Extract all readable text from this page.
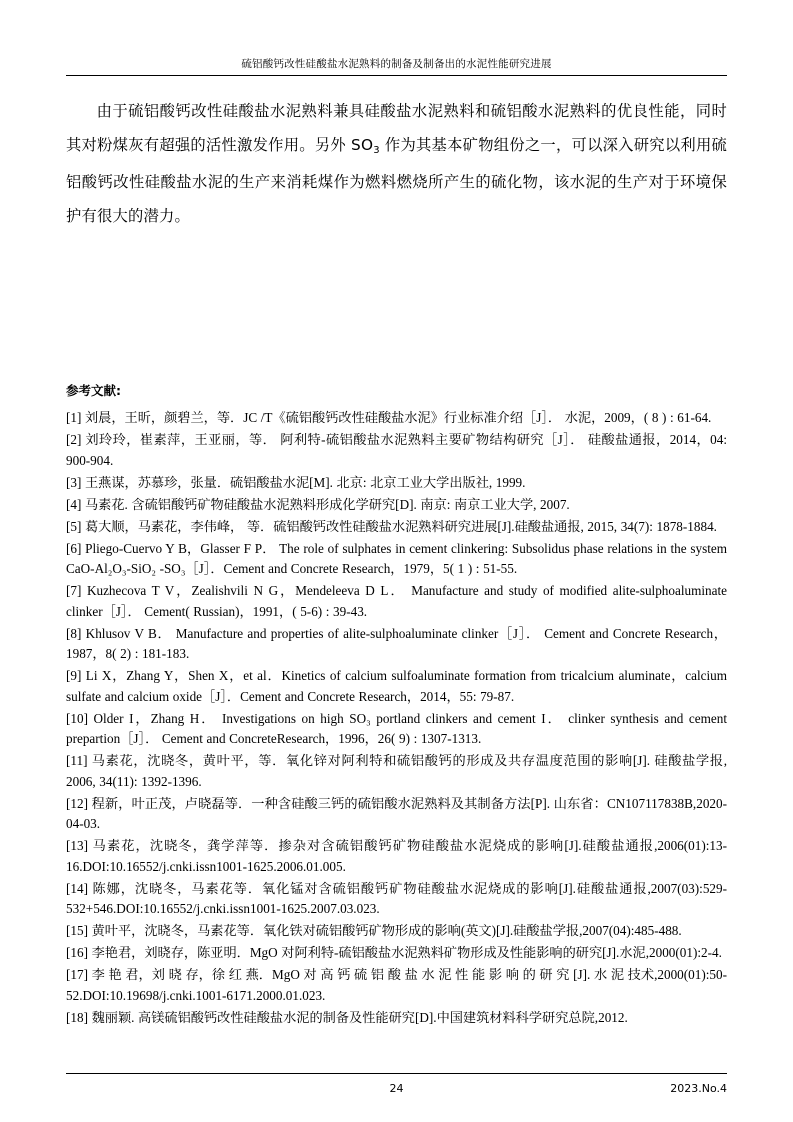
硫铝酸钙改性硅酸盐水泥熟料的制备及制备出的水泥性能研究进展

由于硫铝酸钙改性硅酸盐水泥熟料兼具硅酸盐水泥熟料和硫铝酸水泥熟料的优良性能，同时其对粉煤灰有超强的活性激发作用。另外 $SO_3$ 作为其基本矿物组份之一，可以深入研究以利用硫铝酸钙改性硅酸盐水泥的生产来消耗煤作为燃料燃烧所产生的硫化物，该水泥的生产对于环境保护有很大的潜力。

参考文献:
[1] 刘晨，王昕，颜碧兰，等．JC /T《硫铝酸钙改性硅酸盐水泥》行业标准介绍［J］． 水泥，2009，( 8 ) : 61-64.
[2] 刘玲玲，崔素萍，王亚丽，等． 阿利特-硫铝酸盐水泥熟料主要矿物结构研究［J］． 硅酸盐通报，2014，04: 900-904.
[3] 王燕谋，苏慕珍，张量．硫铝酸盐水泥[M]. 北京: 北京工业大学出版社, 1999.
[4] 马素花. 含硫铝酸钙矿物硅酸盐水泥熟料形成化学研究[D]. 南京: 南京工业大学, 2007.
[5] 葛大顺，马素花，李伟峰， 等．硫铝酸钙改性硅酸盐水泥熟料研究进展[J].硅酸盐通报, 2015, 34(7): 1878-1884.
[6] Pliego-Cuervo Y B，Glasser F P． The role of sulphates in cement clinkering: Subsolidus phase relations in the system CaO-Al₂O₃-SiO₂ -SO₃［J］．Cement and Concrete Research，1979，5( 1 ) : 51-55.
[7] Kuzhecova T V，Zealishvili N G，Mendeleeva D L． Manufacture and study of modified alite-sulphoaluminate clinker［J］． Cement( Russian)，1991，( 5-6) : 39-43.
[8] Khlusov V B． Manufacture and properties of alite-sulphoaluminate clinker［J］． Cement and Concrete Research，1987，8( 2) : 181-183.
[9] Li X，Zhang Y，Shen X，et al．Kinetics of calcium sulfoaluminate formation from tricalcium aluminate，calcium sulfate and calcium oxide［J］．Cement and Concrete Research，2014，55: 79-87.
[10] Older I，Zhang H． Investigations on high SO₃ portland clinkers and cement I． clinker synthesis and cement prepartion［J］． Cement and ConcreteResearch，1996，26( 9) : 1307-1313.
[11] 马素花，沈晓冬，黄叶平，等．氧化锌对阿利特和硫铝酸钙的形成及共存温度范围的影响[J]. 硅酸盐学报, 2006, 34(11): 1392-1396.
[12] 程新，叶正茂，卢晓磊等．一种含硅酸三钙的硫铝酸水泥熟料及其制备方法[P]. 山东省：CN107117838B,2020-04-03.
[13] 马素花，沈晓冬，龚学萍等．掺杂对含硫铝酸钙矿物硅酸盐水泥烧成的影响[J].硅酸盐通报,2006(01):13-16.DOI:10.16552/j.cnki.issn1001-1625.2006.01.005.
[14] 陈娜，沈晓冬，马素花等．氧化锰对含硫铝酸钙矿物硅酸盐水泥烧成的影响[J].硅酸盐通报,2007(03):529-532+546.DOI:10.16552/j.cnki.issn1001-1625.2007.03.023.
[15] 黄叶平，沈晓冬，马素花等．氧化铁对硫铝酸钙矿物形成的影响(英文)[J].硅酸盐学报,2007(04):485-488.
[16] 李艳君，刘晓存，陈亚明．MgO 对阿利特-硫铝酸盐水泥熟料矿物形成及性能影响的研究[J].水泥,2000(01):2-4.
[17] 李 艳 君，刘 晓 存，徐 红 燕．MgO 对 高 钙 硫 铝 酸 盐 水 泥 性 能 影 响 的 研 究 [J]. 水 泥 技术,2000(01):50-52.DOI:10.19698/j.cnki.1001-6171.2000.01.023.
[18] 魏丽颖. 高镁硫铝酸钙改性硅酸盐水泥的制备及性能研究[D].中国建筑材料科学研究总院,2012.
24	2023.No.4
